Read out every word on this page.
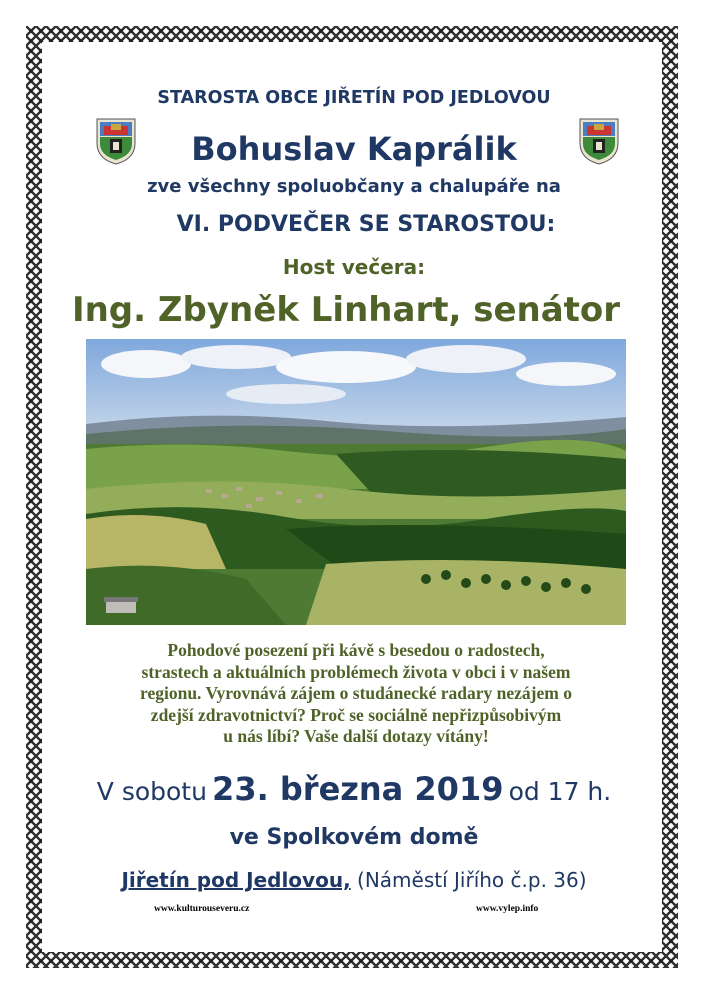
STAROSTA OBCE JIŘETÍN POD JEDLOVOU
Bohuslav Kaprálik
zve všechny spoluobčany a chalupáře na
VI. PODVEČER SE STAROSTOU:
Host večera:
Ing. Zbyněk Linhart, senátor
Pohodové posezení při kávě s besedou o radostech,
strastech a aktuálních problémech života v obci i v našem
regionu. Vyrovnává zájem o studánecké radary nezájem o
zdejší zdravotnictví? Proč se sociálně nepřizpůsobivým
u nás líbí? Vaše další dotazy vítány!
V sobotu 23. března 2019 od 17 h.
ve Spolkovém domě
Jiřetín pod Jedlovou, (Náměstí Jiřího č.p. 36)
www.kulturouseveru.cz	www.vylep.info
